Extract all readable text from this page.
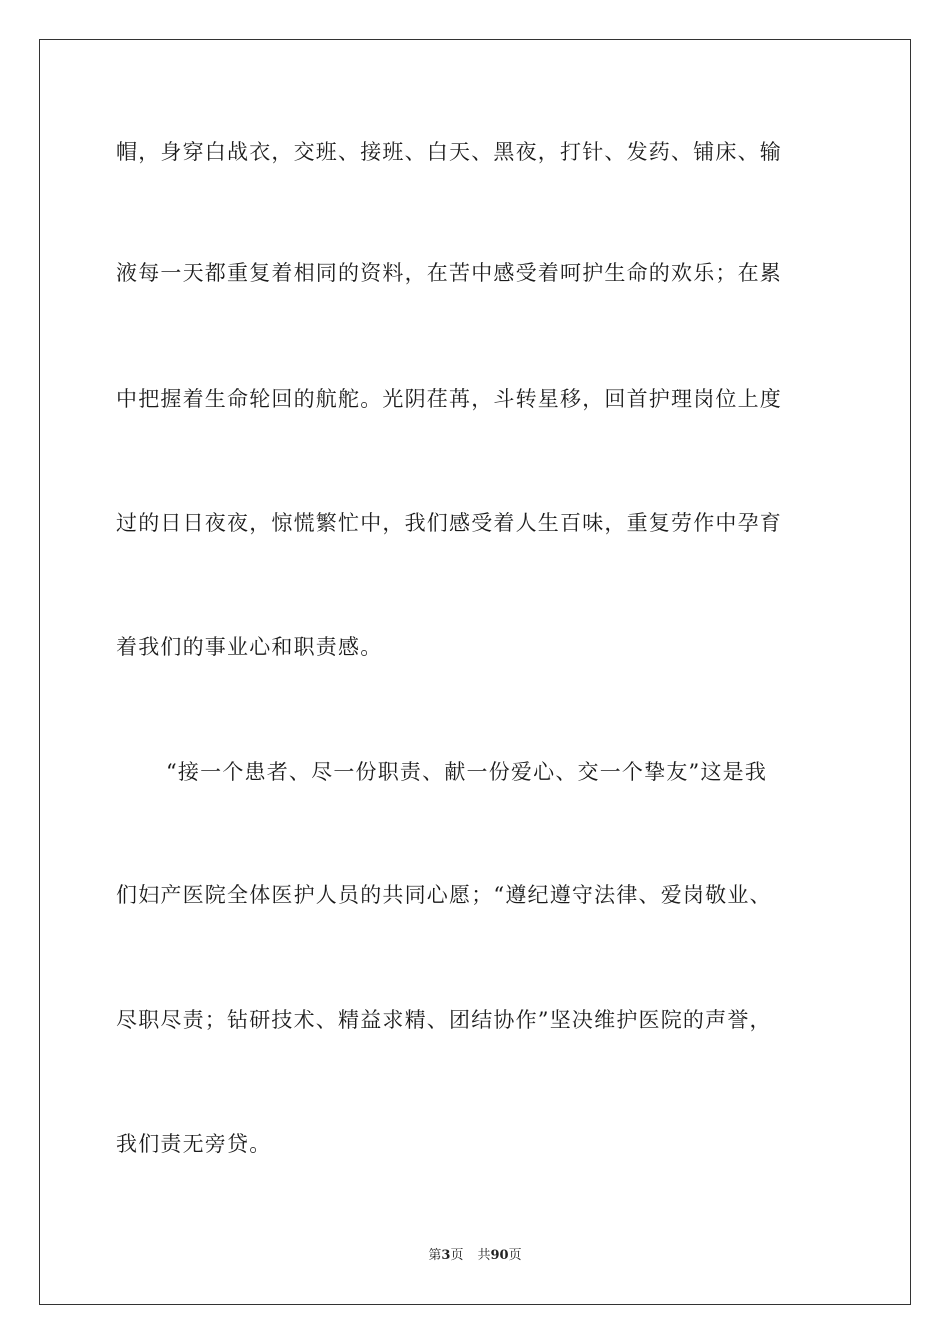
帽，身穿白战衣，交班、接班、白天、黑夜，打针、发药、铺床、输
液每一天都重复着相同的资料，在苦中感受着呵护生命的欢乐；在累
中把握着生命轮回的航舵。光阴荏苒，斗转星移，回首护理岗位上度
过的日日夜夜，惊慌繁忙中，我们感受着人生百味，重复劳作中孕育
着我们的事业心和职责感。
“接一个患者、尽一份职责、献一份爱心、交一个挚友”这是我
们妇产医院全体医护人员的共同心愿；“遵纪遵守法律、爱岗敬业、
尽职尽责；钻研技术、精益求精、团结协作”坚决维护医院的声誉，
我们责无旁贷。
第3页 共90页
